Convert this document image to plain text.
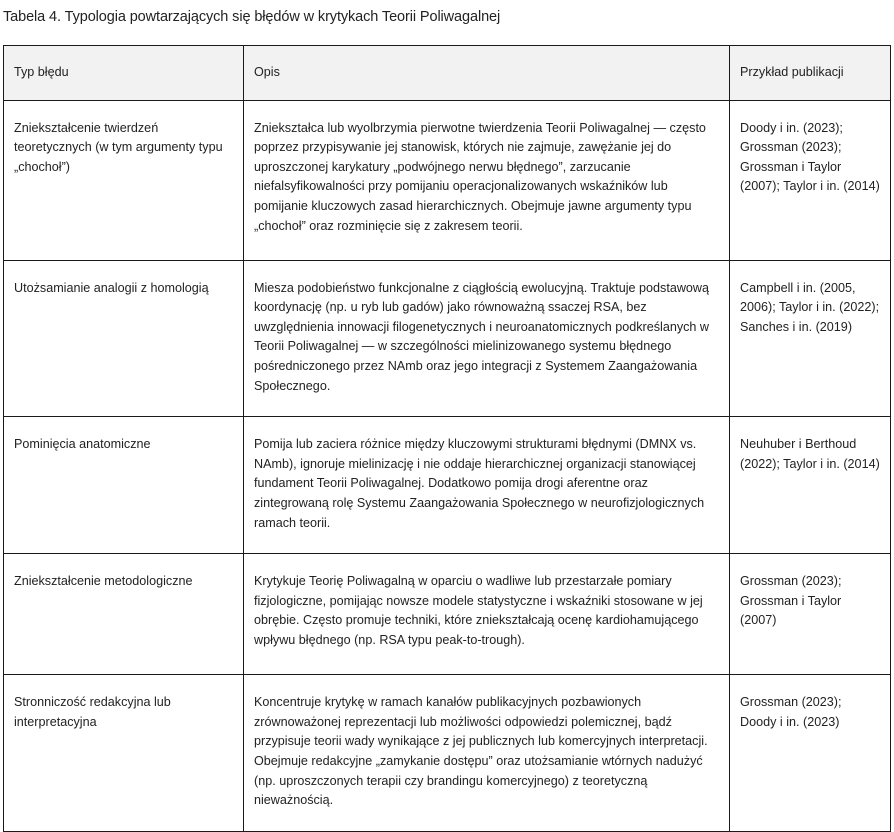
Tabela 4. Typologia powtarzających się błędów w krytykach Teorii Poliwagalnej
Typ błędu	Opis	Przykład publikacji
Zniekształcenie twierdzeń teoretycznych (w tym argumenty typu „chochoł”)	Zniekształca lub wyolbrzymia pierwotne twierdzenia Teorii Poliwagalnej — często poprzez przypisywanie jej stanowisk, których nie zajmuje, zawężanie jej do uproszczonej karykatury „podwójnego nerwu błędnego”, zarzucanie niefalsyfikowalności przy pomijaniu operacjonalizowanych wskaźników lub pomijanie kluczowych zasad hierarchicznych. Obejmuje jawne argumenty typu „chochoł” oraz rozminięcie się z zakresem teorii.	Doody i in. (2023); Grossman (2023); Grossman i Taylor (2007); Taylor i in. (2014)
Utożsamianie analogii z homologią	Miesza podobieństwo funkcjonalne z ciągłością ewolucyjną. Traktuje podstawową koordynację (np. u ryb lub gadów) jako równoważną ssaczej RSA, bez uwzględnienia innowacji filogenetycznych i neuroanatomicznych podkreślanych w Teorii Poliwagalnej — w szczególności mielinizowanego systemu błędnego pośredniczonego przez NAmb oraz jego integracji z Systemem Zaangażowania Społecznego.	Campbell i in. (2005, 2006); Taylor i in. (2022); Sanches i in. (2019)
Pominięcia anatomiczne	Pomija lub zaciera różnice między kluczowymi strukturami błędnymi (DMNX vs. NAmb), ignoruje mielinizację i nie oddaje hierarchicznej organizacji stanowiącej fundament Teorii Poliwagalnej. Dodatkowo pomija drogi aferentne oraz zintegrowaną rolę Systemu Zaangażowania Społecznego w neurofizjologicznych ramach teorii.	Neuhuber i Berthoud (2022); Taylor i in. (2014)
Zniekształcenie metodologiczne	Krytykuje Teorię Poliwagalną w oparciu o wadliwe lub przestarzałe pomiary fizjologiczne, pomijając nowsze modele statystyczne i wskaźniki stosowane w jej obrębie. Często promuje techniki, które zniekształcają ocenę kardiohamującego wpływu błędnego (np. RSA typu peak-to-trough).	Grossman (2023); Grossman i Taylor (2007)
Stronniczość redakcyjna lub interpretacyjna	Koncentruje krytykę w ramach kanałów publikacyjnych pozbawionych zrównoważonej reprezentacji lub możliwości odpowiedzi polemicznej, bądź przypisuje teorii wady wynikające z jej publicznych lub komercyjnych interpretacji. Obejmuje redakcyjne „zamykanie dostępu” oraz utożsamianie wtórnych nadużyć (np. uproszczonych terapii czy brandingu komercyjnego) z teoretyczną nieważnością.	Grossman (2023); Doody i in. (2023)
